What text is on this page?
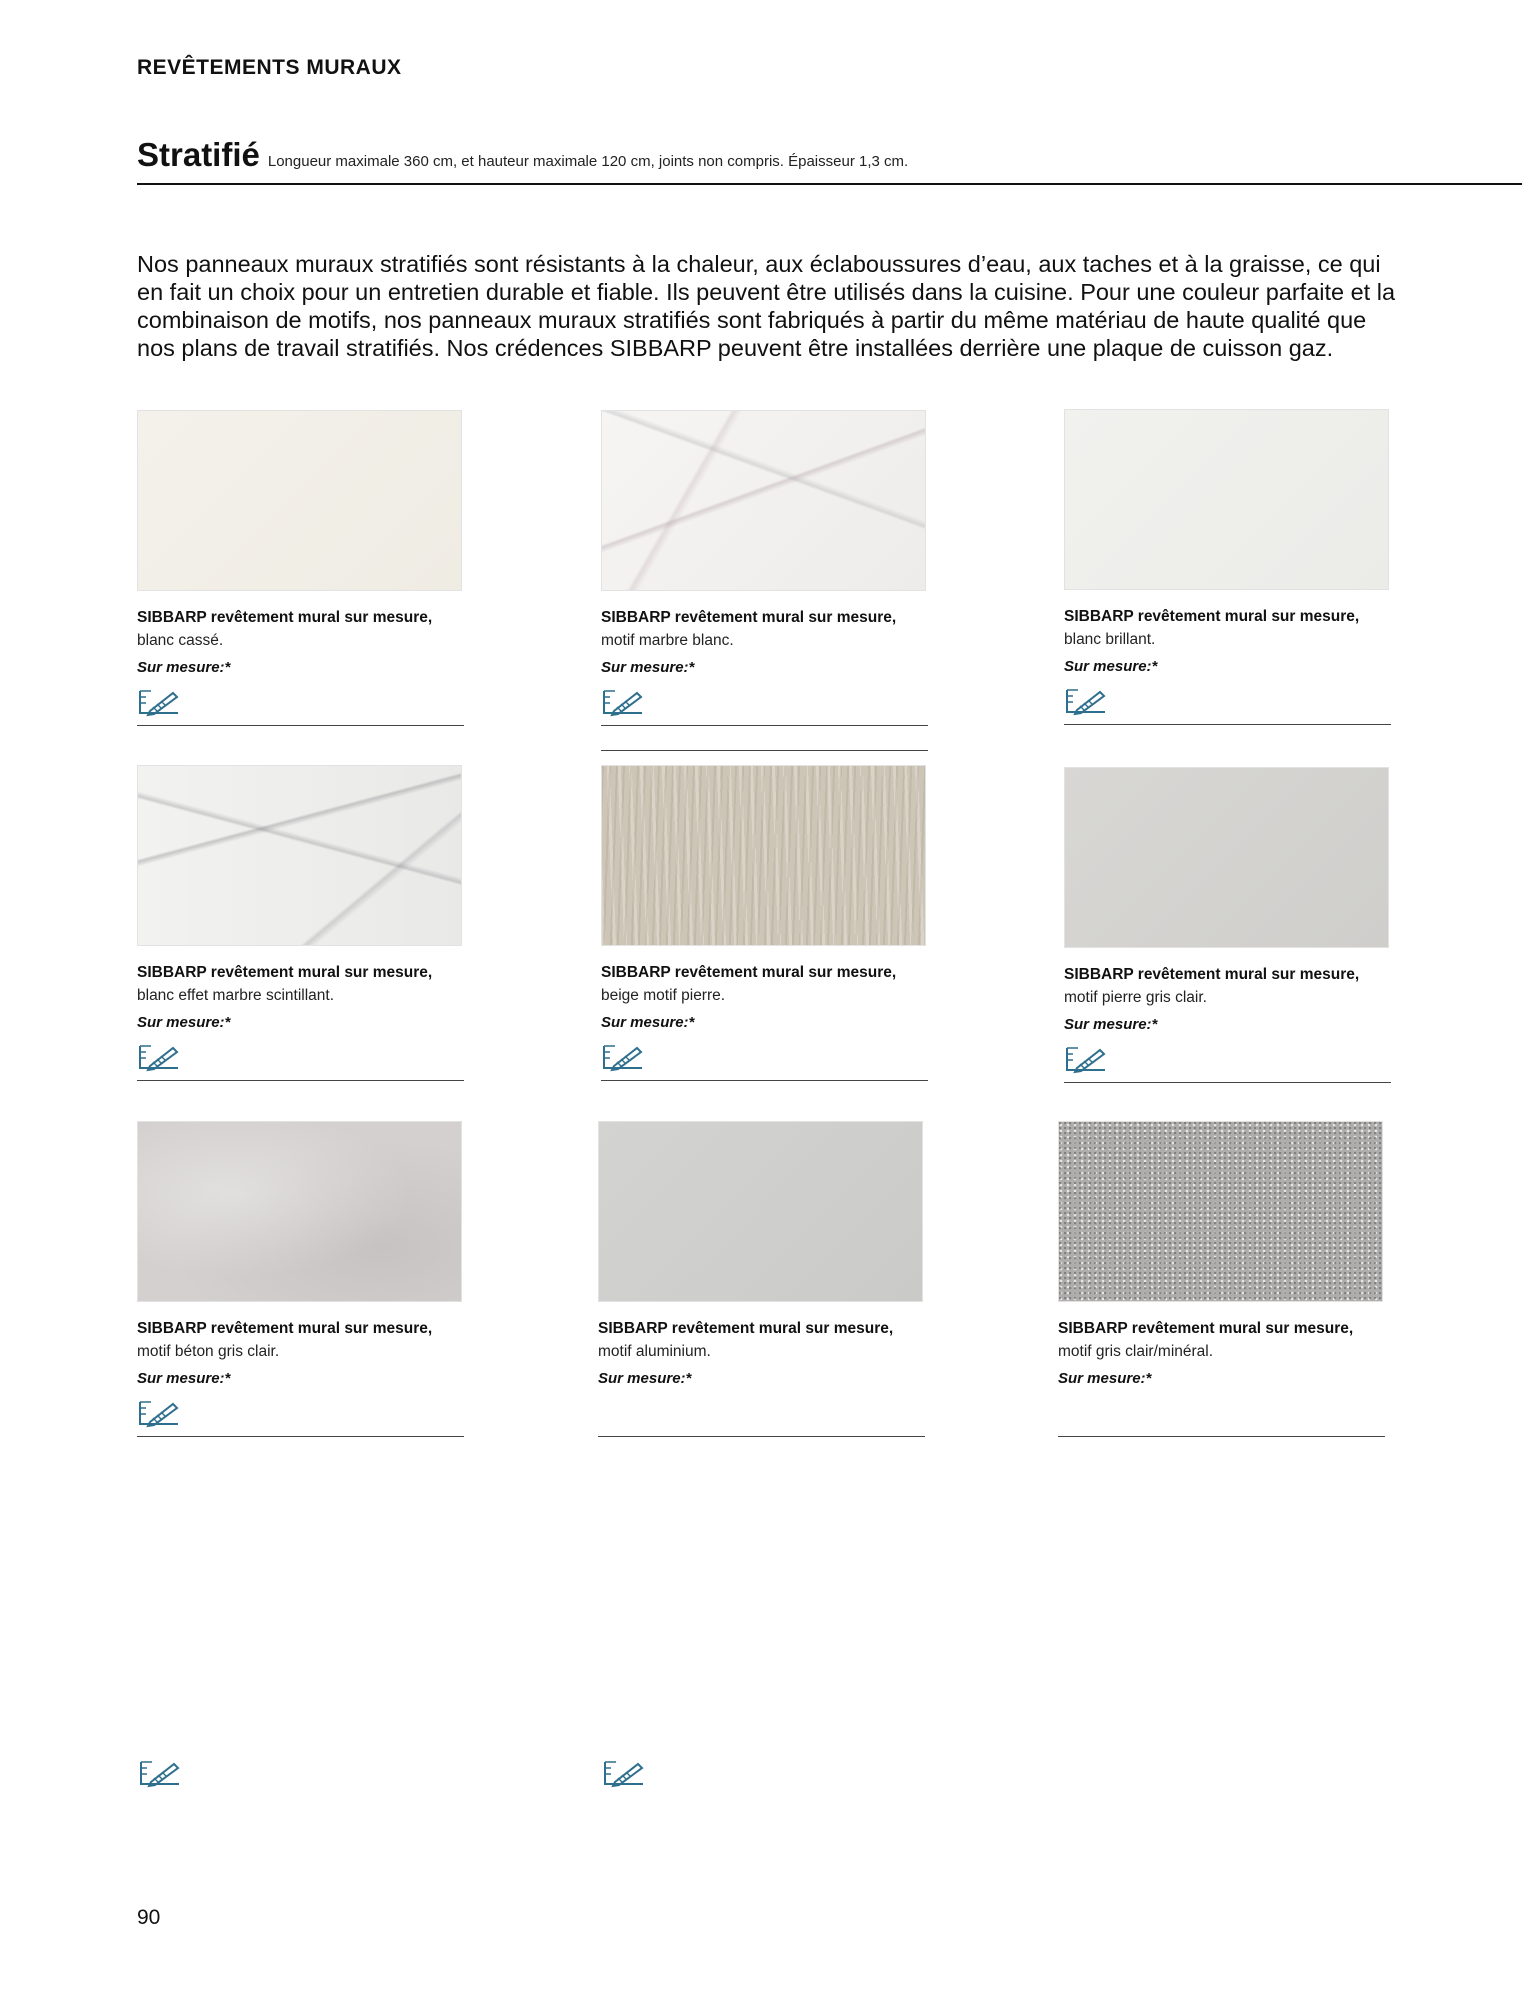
REVÊTEMENTS MURAUX
Stratifié Longueur maximale 360 cm, et hauteur maximale 120 cm, joints non compris. Épaisseur 1,3 cm.

Nos panneaux muraux stratifiés sont résistants à la chaleur, aux éclaboussures d’eau, aux taches et à la graisse, ce qui en fait un choix pour un entretien durable et fiable. Ils peuvent être utilisés dans la cuisine. Pour une couleur parfaite et la combinaison de motifs, nos panneaux muraux stratifiés sont fabriqués à partir du même matériau de haute qualité que nos plans de travail stratifiés. Nos crédences SIBBARP peuvent être installées derrière une plaque de cuisson gaz.

SIBBARP revêtement mural sur mesure,
blanc cassé.
Sur mesure:*
SIBBARP revêtement mural sur mesure,
motif marbre blanc.
Sur mesure:*
SIBBARP revêtement mural sur mesure,
blanc brillant.
Sur mesure:*
SIBBARP revêtement mural sur mesure,
blanc effet marbre scintillant.
Sur mesure:*
SIBBARP revêtement mural sur mesure,
beige motif pierre.
Sur mesure:*
SIBBARP revêtement mural sur mesure,
motif pierre gris clair.
Sur mesure:*
SIBBARP revêtement mural sur mesure,
motif béton gris clair.
Sur mesure:*
SIBBARP revêtement mural sur mesure,
motif aluminium.
Sur mesure:*
SIBBARP revêtement mural sur mesure,
motif gris clair/minéral.
Sur mesure:*
90
